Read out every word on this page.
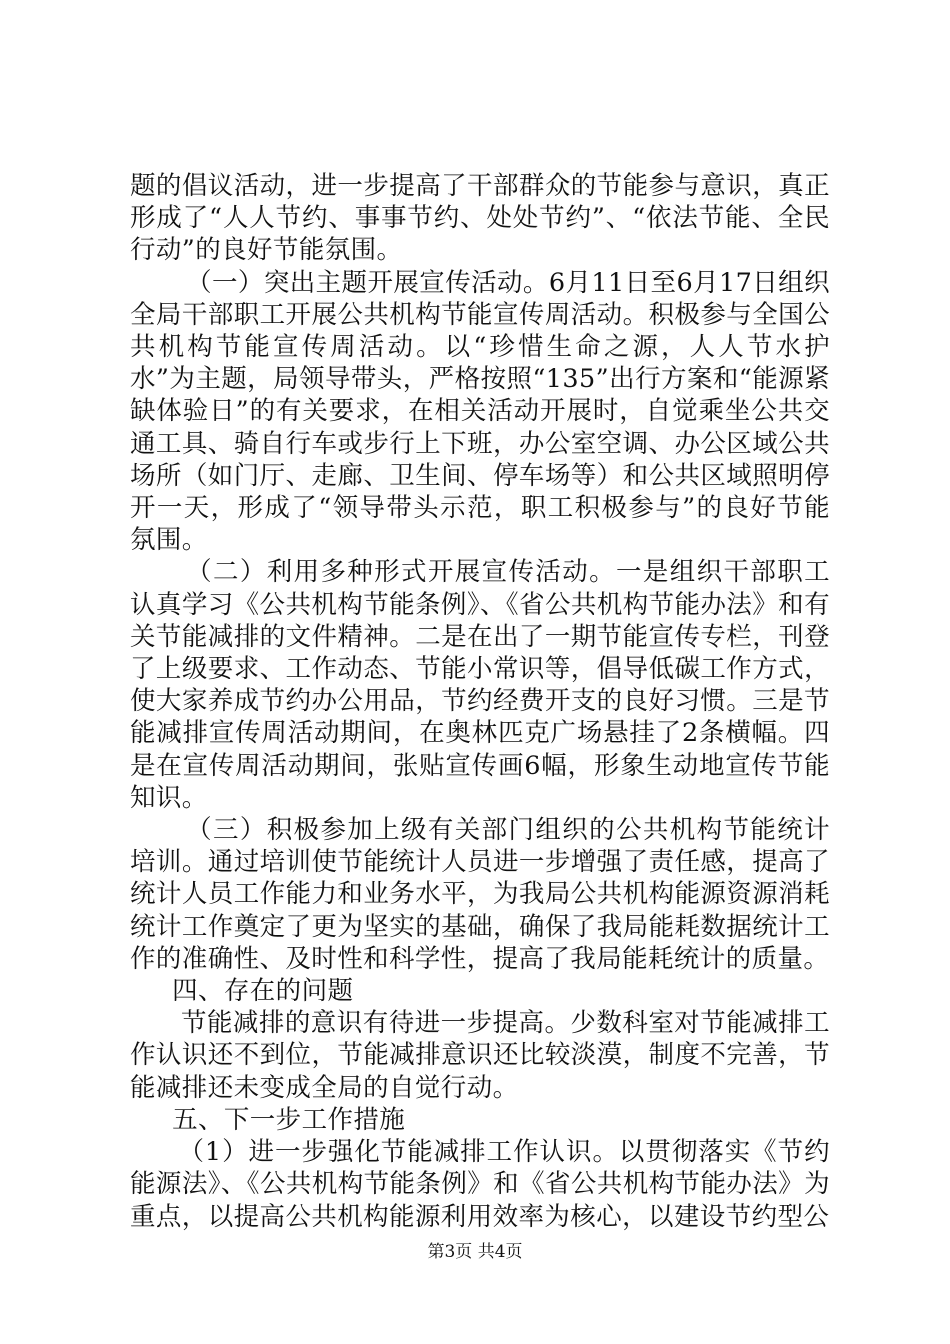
题的倡议活动，进一步提高了干部群众的节能参与意识，真正形成了“人人节约、事事节约、处处节约”、“依法节能、全民行动”的良好节能氛围。

（一）突出主题开展宣传活动。6月11日至6月17日组织全局干部职工开展公共机构节能宣传周活动。积极参与全国公共机构节能宣传周活动。以“珍惜生命之源，人人节水护水”为主题，局领导带头，严格按照“135”出行方案和“能源紧缺体验日”的有关要求，在相关活动开展时，自觉乘坐公共交通工具、骑自行车或步行上下班，办公室空调、办公区域公共场所（如门厅、走廊、卫生间、停车场等）和公共区域照明停开一天，形成了“领导带头示范，职工积极参与”的良好节能氛围。

（二）利用多种形式开展宣传活动。一是组织干部职工认真学习《公共机构节能条例》、《省公共机构节能办法》和有关节能减排的文件精神。二是在出了一期节能宣传专栏，刊登了上级要求、工作动态、节能小常识等，倡导低碳工作方式，使大家养成节约办公用品，节约经费开支的良好习惯。三是节能减排宣传周活动期间，在奥林匹克广场悬挂了2条横幅。四是在宣传周活动期间，张贴宣传画6幅，形象生动地宣传节能知识。

（三）积极参加上级有关部门组织的公共机构节能统计培训。通过培训使节能统计人员进一步增强了责任感，提高了统计人员工作能力和业务水平，为我局公共机构能源资源消耗统计工作奠定了更为坚实的基础，确保了我局能耗数据统计工作的准确性、及时性和科学性，提高了我局能耗统计的质量。

四、存在的问题

节能减排的意识有待进一步提高。少数科室对节能减排工作认识还不到位，节能减排意识还比较淡漠，制度不完善，节能减排还未变成全局的自觉行动。

五、下一步工作措施

（1）进一步强化节能减排工作认识。以贯彻落实《节约能源法》、《公共机构节能条例》和《省公共机构节能办法》为重点，以提高公共机构能源利用效率为核心，以建设节约型公

第3页 共4页
